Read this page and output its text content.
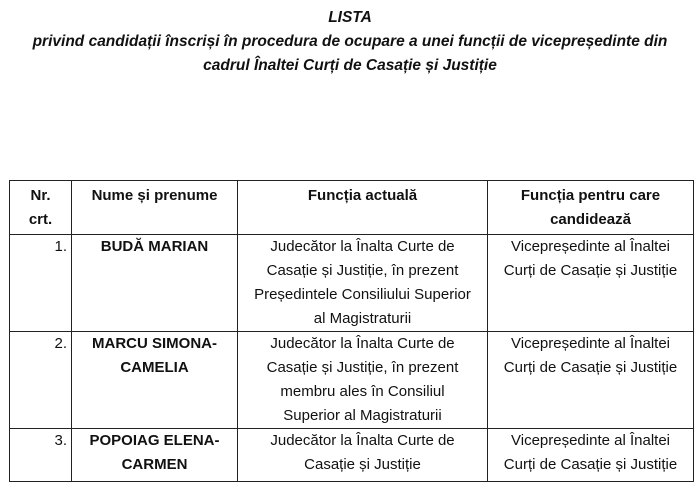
LISTA
privind candidații înscriși în procedura de ocupare a unei funcții de vicepreședinte din
cadrul Înaltei Curți de Casație și Justiție
Nr.
crt.	Nume și prenume	Funcția actuală	Funcția pentru care
candidează

1.	BUDĂ MARIAN	Judecător la Înalta Curte de
Casație și Justiție, în prezent
Președintele Consiliului Superior
al Magistraturii	Vicepreședinte al Înaltei
Curți de Casație și Justiție

2.	MARCU SIMONA-
CAMELIA	Judecător la Înalta Curte de
Casație și Justiție, în prezent
membru ales în Consiliul
Superior al Magistraturii	Vicepreședinte al Înaltei
Curți de Casație și Justiție

3.	POPOIAG ELENA-
CARMEN	Judecător la Înalta Curte de
Casație și Justiție	Vicepreședinte al Înaltei
Curți de Casație și Justiție
